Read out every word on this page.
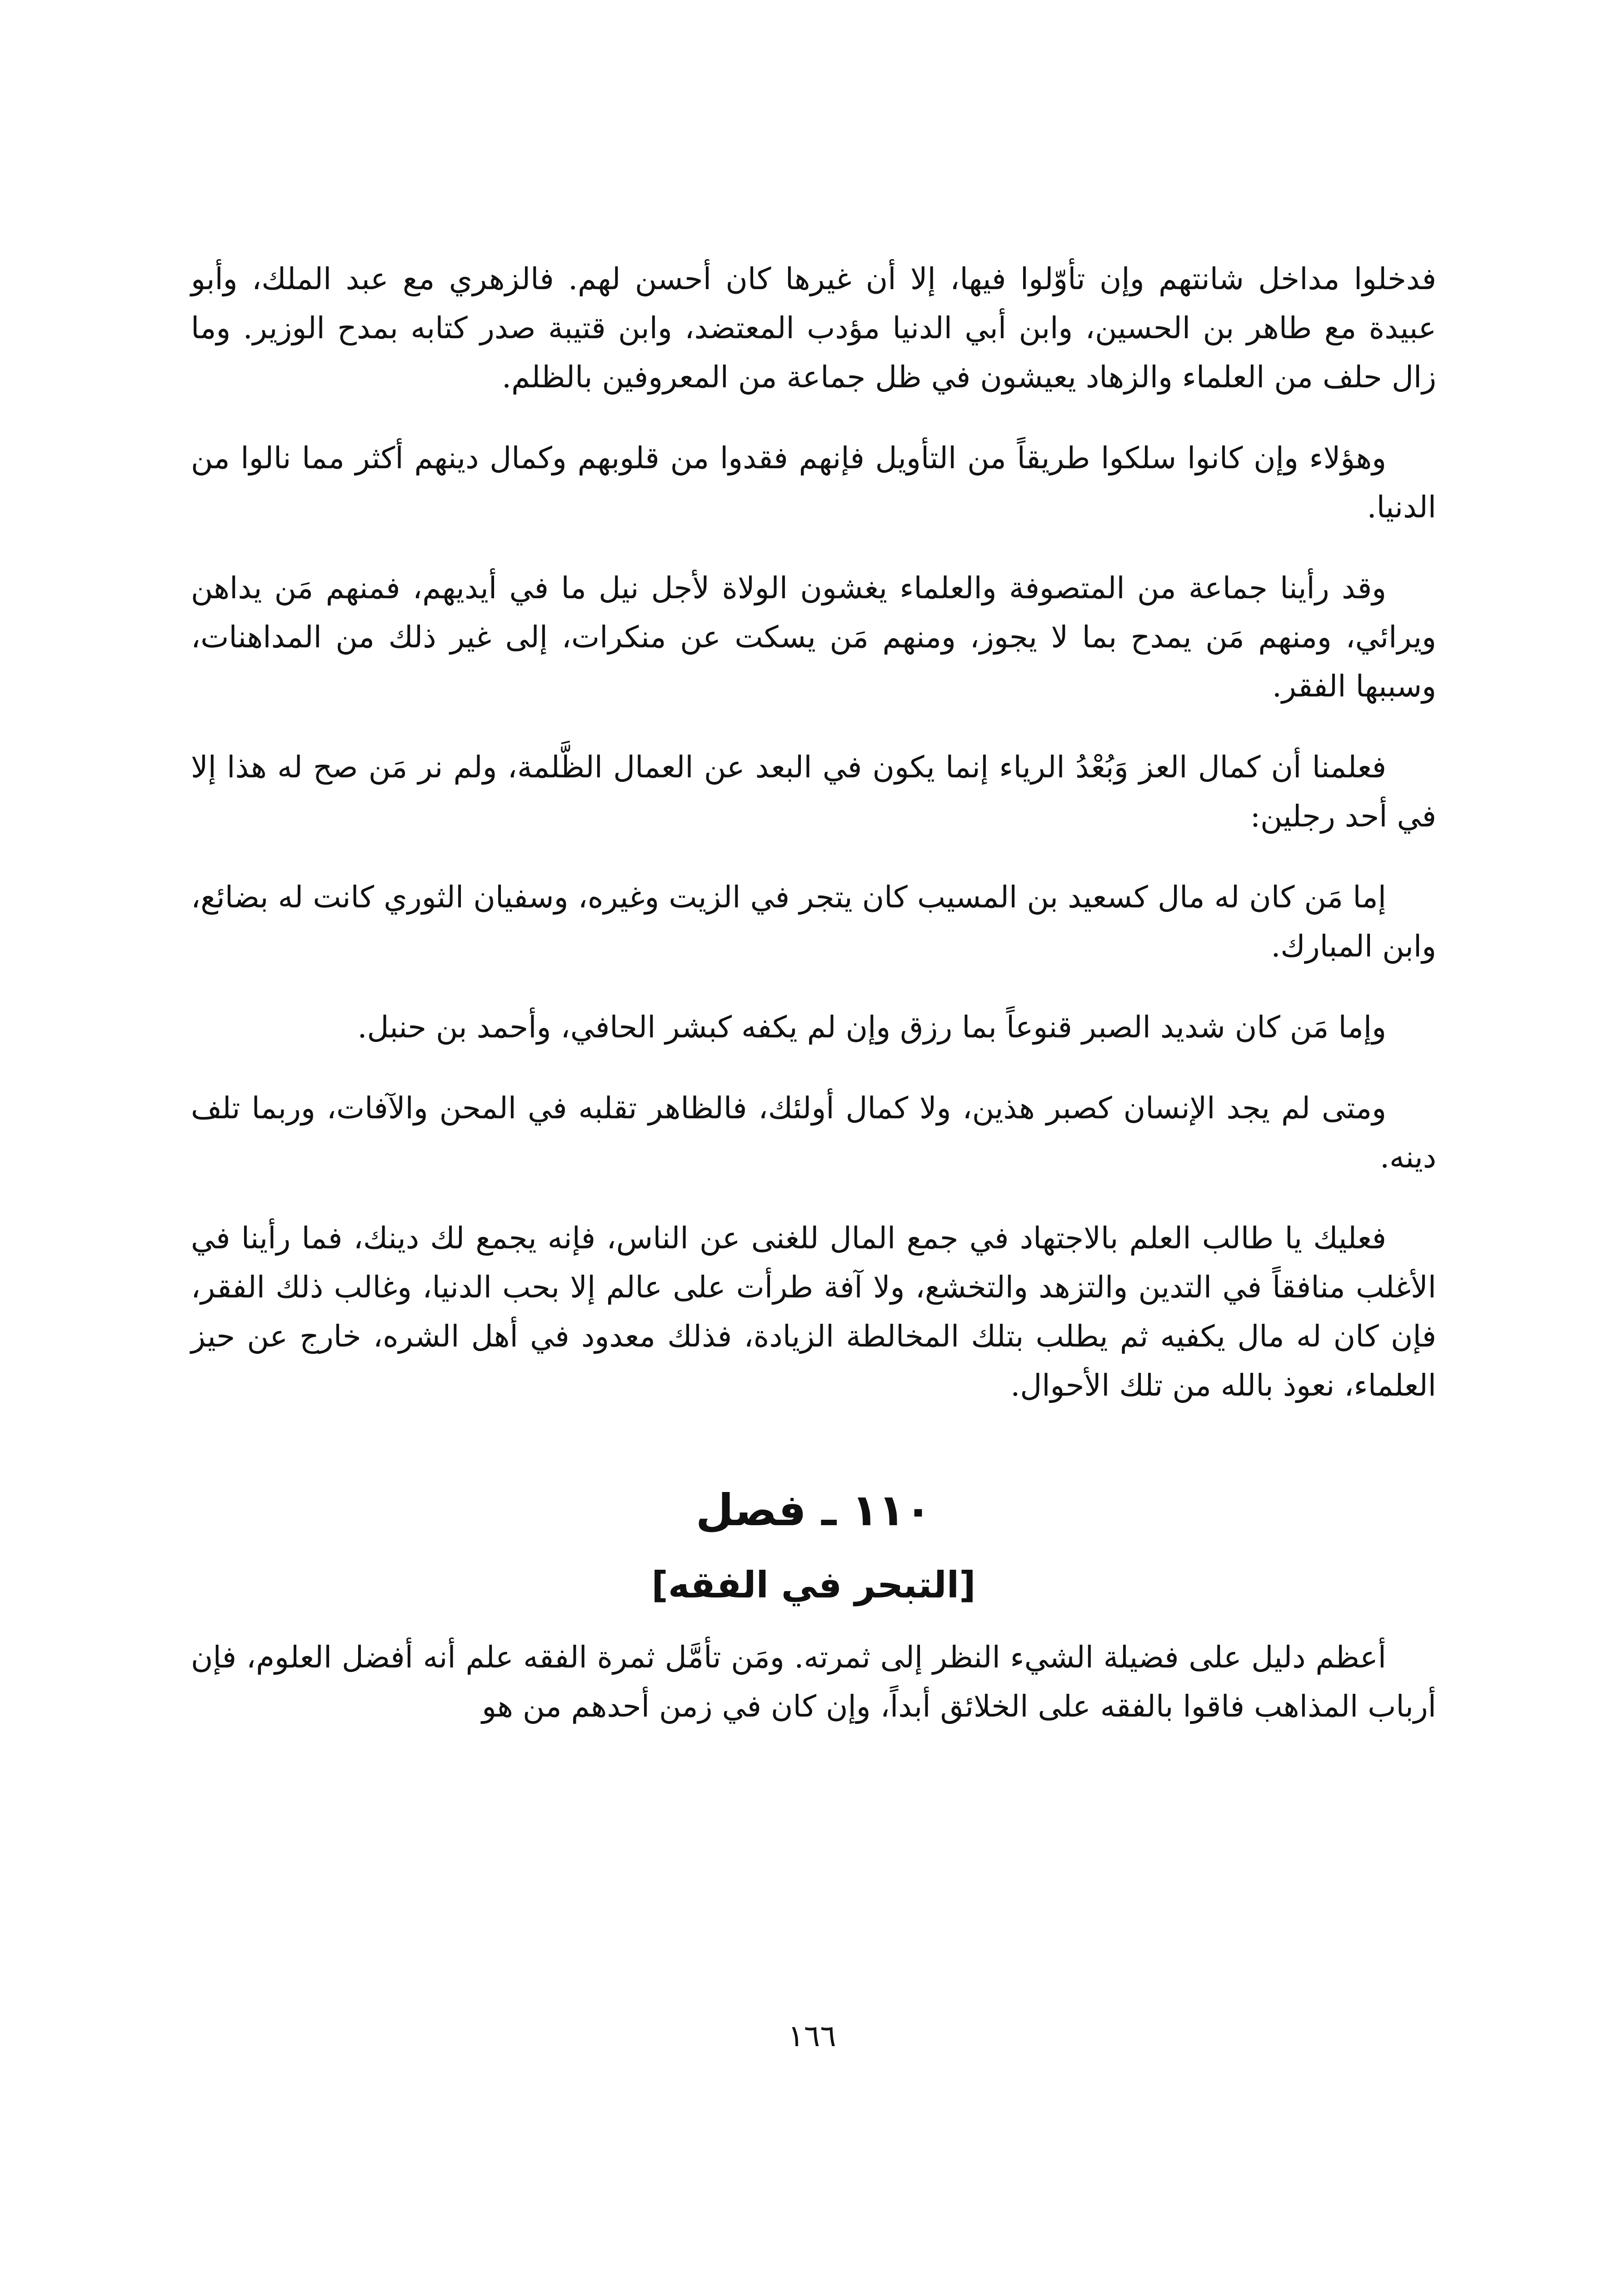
فدخلوا مداخل شانتهم وإن تأوّلوا فيها، إلا أن غيرها كان أحسن لهم. فالزهري مع عبد الملك، وأبو عبيدة مع طاهر بن الحسين، وابن أبي الدنيا مؤدب المعتضد، وابن قتيبة صدر كتابه بمدح الوزير. وما زال حلف من العلماء والزهاد يعيشون في ظل جماعة من المعروفين بالظلم.

وهؤلاء وإن كانوا سلكوا طريقاً من التأويل فإنهم فقدوا من قلوبهم وكمال دينهم أكثر مما نالوا من الدنيا.

وقد رأينا جماعة من المتصوفة والعلماء يغشون الولاة لأجل نيل ما في أيديهم، فمنهم مَن يداهن ويرائي، ومنهم مَن يمدح بما لا يجوز، ومنهم مَن يسكت عن منكرات، إلى غير ذلك من المداهنات، وسببها الفقر.

فعلمنا أن كمال العز وَبُعْدُ الرياء إنما يكون في البعد عن العمال الظَّلمة، ولم نر مَن صح له هذا إلا في أحد رجلين:

إما مَن كان له مال كسعيد بن المسيب كان يتجر في الزيت وغيره، وسفيان الثوري كانت له بضائع، وابن المبارك.

وإما مَن كان شديد الصبر قنوعاً بما رزق وإن لم يكفه كبشر الحافي، وأحمد بن حنبل.

ومتى لم يجد الإنسان كصبر هذين، ولا كمال أولئك، فالظاهر تقلبه في المحن والآفات، وربما تلف دينه.

فعليك يا طالب العلم بالاجتهاد في جمع المال للغنى عن الناس، فإنه يجمع لك دينك، فما رأينا في الأغلب منافقاً في التدين والتزهد والتخشع، ولا آفة طرأت على عالم إلا بحب الدنيا، وغالب ذلك الفقر، فإن كان له مال يكفيه ثم يطلب بتلك المخالطة الزيادة، فذلك معدود في أهل الشره، خارج عن حيز العلماء، نعوذ بالله من تلك الأحوال.

١١٠ ـ فصل
[التبحر في الفقه]

أعظم دليل على فضيلة الشيء النظر إلى ثمرته. ومَن تأمَّل ثمرة الفقه علم أنه أفضل العلوم، فإن أرباب المذاهب فاقوا بالفقه على الخلائق أبداً، وإن كان في زمن أحدهم من هو

١٦٦
